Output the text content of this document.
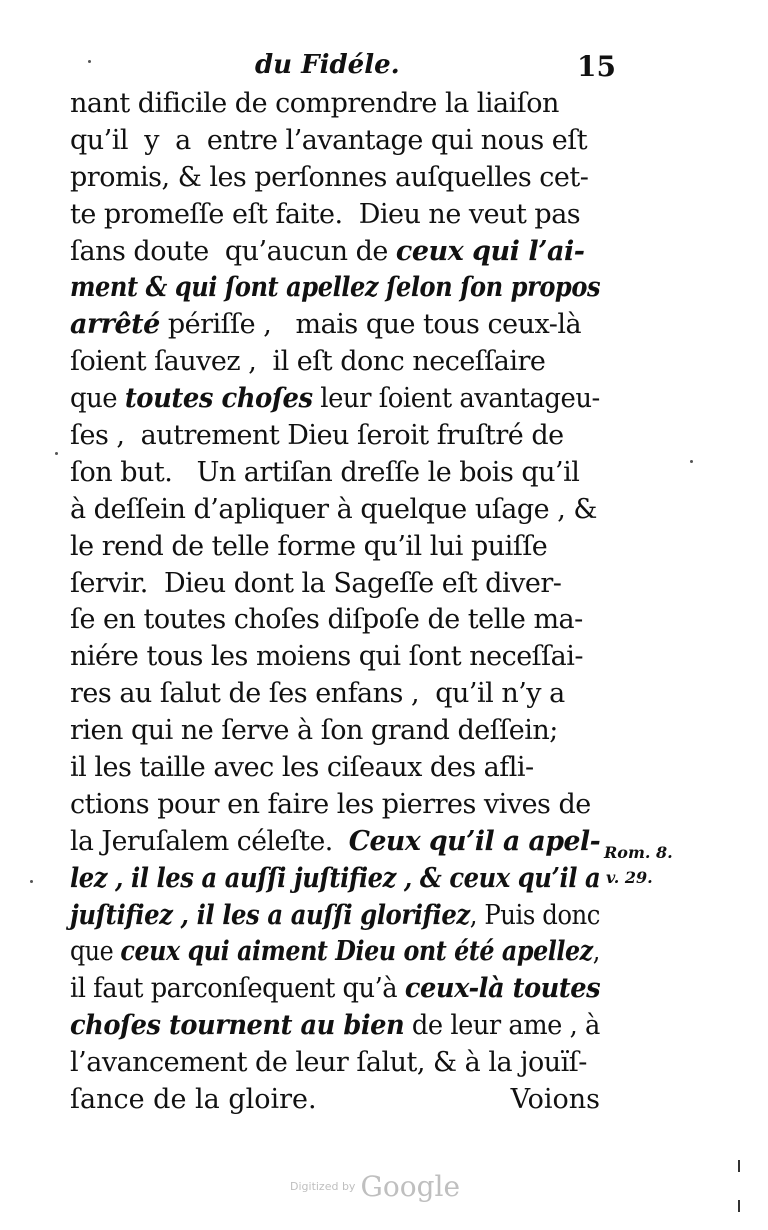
du Fidéle.	15
nant dificile de comprendre la liaiſon
qu’il  y  a  entre l’avantage qui nous eſt
promis, & les perſonnes auſquelles cet-
te promeſſe eſt faite.  Dieu ne veut pas
ſans doute  qu’aucun de ceux qui l’ai-
ment & qui ſont apellez ſelon ſon propos
arrêté périſſe ,   mais que tous ceux-là
ſoient ſauvez ,  il eſt donc neceſſaire
que toutes choſes leur ſoient avantageu-
ſes ,  autrement Dieu ſeroit fruſtré de
ſon but.   Un artiſan dreſſe le bois qu’il
à deſſein d’apliquer à quelque uſage , &
le rend de telle forme qu’il lui puiſſe
ſervir.  Dieu dont la Sageſſe eſt diver-
ſe en toutes choſes diſpoſe de telle ma-
niére tous les moiens qui ſont neceſſai-
res au ſalut de ſes enfans ,  qu’il n’y a
rien qui ne ſerve à ſon grand deſſein;
il les taille avec les ciſeaux des afli-
ctions pour en faire les pierres vives de
la Jeruſalem céleſte.  Ceux qu’il a apel-
lez , il les a auſſi juſtifiez , & ceux qu’il a
juſtifiez , il les a auſſi glorifiez, Puis donc
que ceux qui aiment Dieu ont été apellez,
il faut parconſequent qu’à ceux-là toutes
choſes tournent au bien de leur ame , à
l’avancement de leur ſalut, & à la jouïſ-
ſance de la gloire.	Voions
Rom. 8.
v. 29.
Digitized by Google
